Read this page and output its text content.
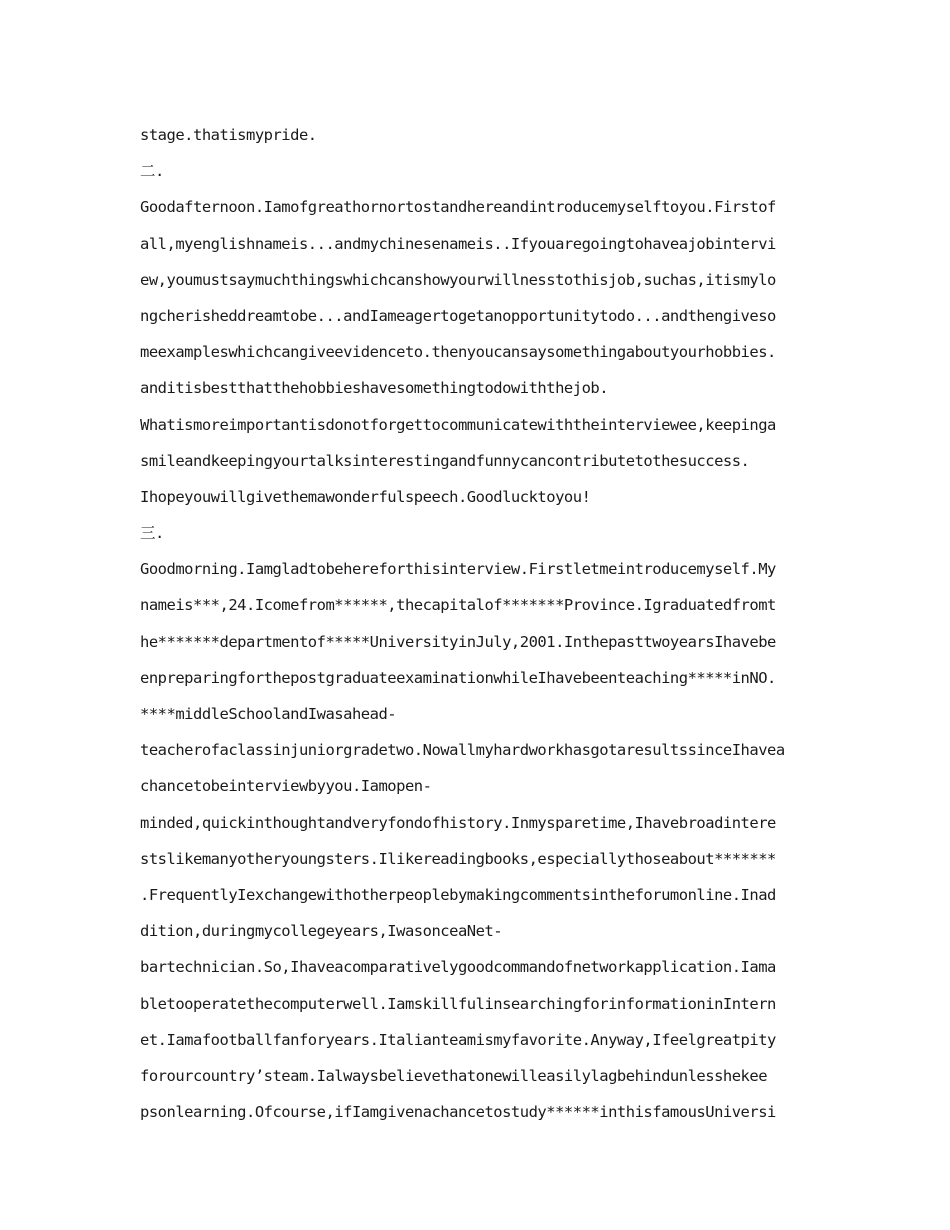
stage.thatismypride.
二.
Goodafternoon.Iamofgreathornortostandhereandintroducemyselftoyou.Firstof
all,myenglishnameis...andmychinesenameis..Ifyouaregoingtohaveajobintervi
ew,youmustsaymuchthingswhichcanshowyourwillnesstothisjob,suchas,itismylo
ngcherisheddreamtobe...andIameagertogetanopportunitytodo...andthengiveso
meexampleswhichcangiveevidenceto.thenyoucansaysomethingaboutyourhobbies.
anditisbestthatthehobbieshavesomethingtodowiththejob.
Whatismoreimportantisdonotforgettocommunicatewiththeinterviewee,keepinga
smileandkeepingyourtalksinterestingandfunnycancontributetothesuccess.
Ihopeyouwillgivethemawonderfulspeech.Goodlucktoyou!
三.
Goodmorning.Iamgladtobehereforthisinterview.Firstletmeintroducemyself.My
nameis***,24.Icomefrom******,thecapitalof*******Province.Igraduatedfromt
he*******departmentof*****UniversityinJuly,2001.InthepasttwoyearsIhavebe
enpreparingforthepostgraduateexaminationwhileIhavebeenteaching*****inNO.
****middleSchoolandIwasahead-
teacherofaclassinjuniorgradetwo.NowallmyhardworkhasgotaresultssinceIhavea
chancetobeinterviewbyyou.Iamopen-
minded,quickinthoughtandveryfondofhistory.Inmysparetime,Ihavebroadintere
stslikemanyotheryoungsters.Ilikereadingbooks,especiallythoseabout*******
.FrequentlyIexchangewithotherpeoplebymakingcommentsintheforumonline.Inad
dition,duringmycollegeyears,IwasonceaNet-
bartechnician.So,Ihaveacomparativelygoodcommandofnetworkapplication.Iama
bletooperatethecomputerwell.IamskillfulinsearchingforinformationinIntern
et.Iamafootballfanforyears.Italianteamismyfavorite.Anyway,Ifeelgreatpity
forourcountry’steam.Ialwaysbelievethatonewilleasilylagbehindunlesshekee
psonlearning.Ofcourse,ifIamgivenachancetostudy******inthisfamousUniversi
